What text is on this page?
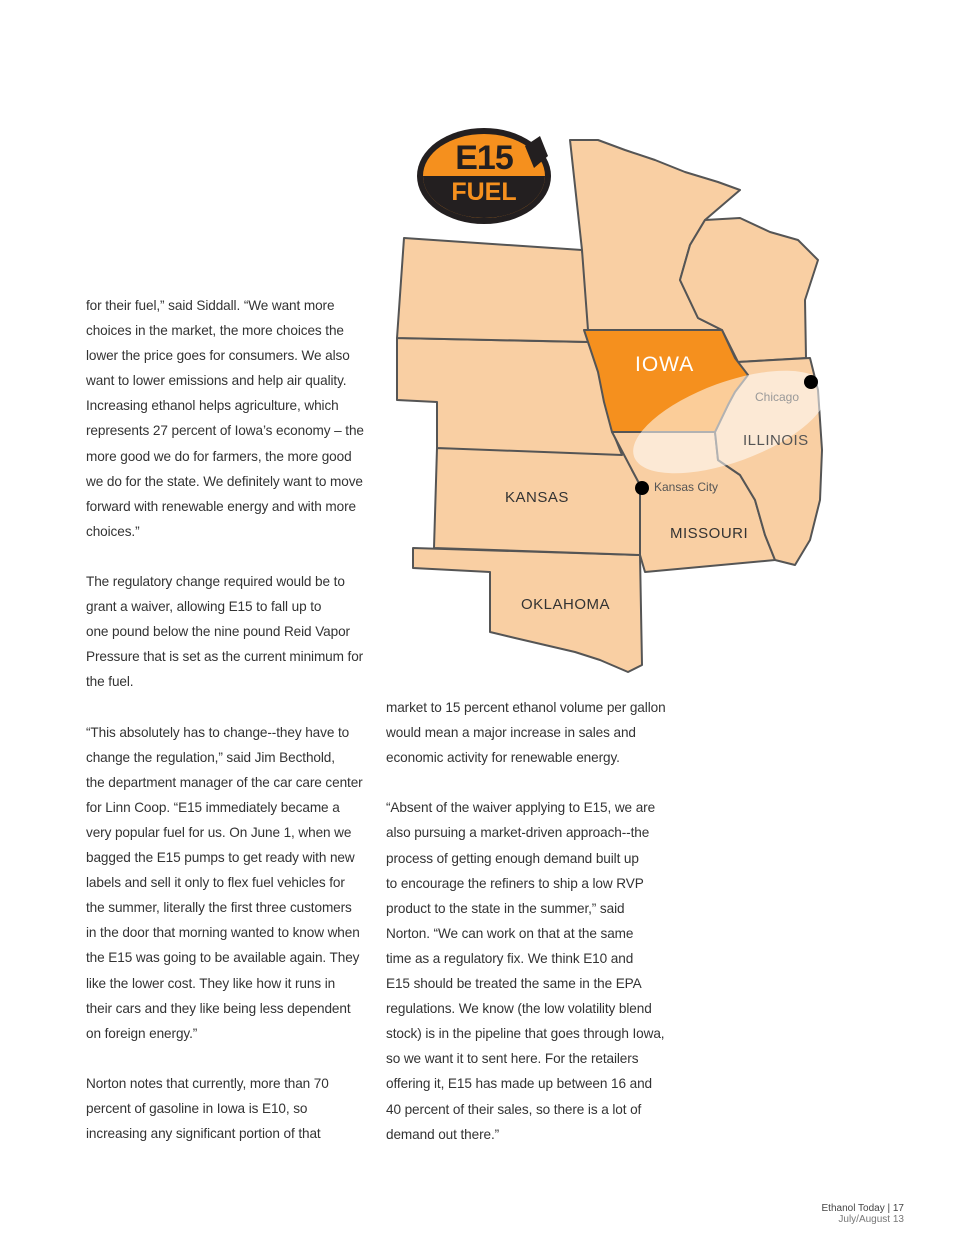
for their fuel,” said Siddall. “We want more
choices in the market, the more choices the
lower the price goes for consumers. We also
want to lower emissions and help air quality.
Increasing ethanol helps agriculture, which
represents 27 percent of Iowa’s economy – the
more good we do for farmers, the more good
we do for the state. We definitely want to move
forward with renewable energy and with more
choices.”

The regulatory change required would be to
grant a waiver, allowing E15 to fall up to
one pound below the nine pound Reid Vapor
Pressure that is set as the current minimum for
the fuel.

“This absolutely has to change--they have to
change the regulation,” said Jim Becthold,
the department manager of the car care center
for Linn Coop. “E15 immediately became a
very popular fuel for us. On June 1, when we
bagged the E15 pumps to get ready with new
labels and sell it only to flex fuel vehicles for
the summer, literally the first three customers
in the door that morning wanted to know when
the E15 was going to be available again. They
like the lower cost. They like how it runs in
their cars and they like being less dependent
on foreign energy.”

Norton notes that currently, more than 70
percent of gasoline in Iowa is E10, so
increasing any significant portion of that

market to 15 percent ethanol volume per gallon
would mean a major increase in sales and
economic activity for renewable energy.

“Absent of the waiver applying to E15, we are
also pursuing a market-driven approach--the
process of getting enough demand built up
to encourage the refiners to ship a low RVP
product to the state in the summer,” said
Norton. “We can work on that at the same
time as a regulatory fix. We think E10 and
E15 should be treated the same in the EPA
regulations. We know (the low volatility blend
stock) is in the pipeline that goes through Iowa,
so we want it to sent here. For the retailers
offering it, E15 has made up between 16 and
40 percent of their sales, so there is a lot of
demand out there.”

IOWA
ILLINOIS
KANSAS
MISSOURI
OKLAHOMA
Chicago
Kansas City
E15
FUEL
Ethanol Today | 17
July/August 13
